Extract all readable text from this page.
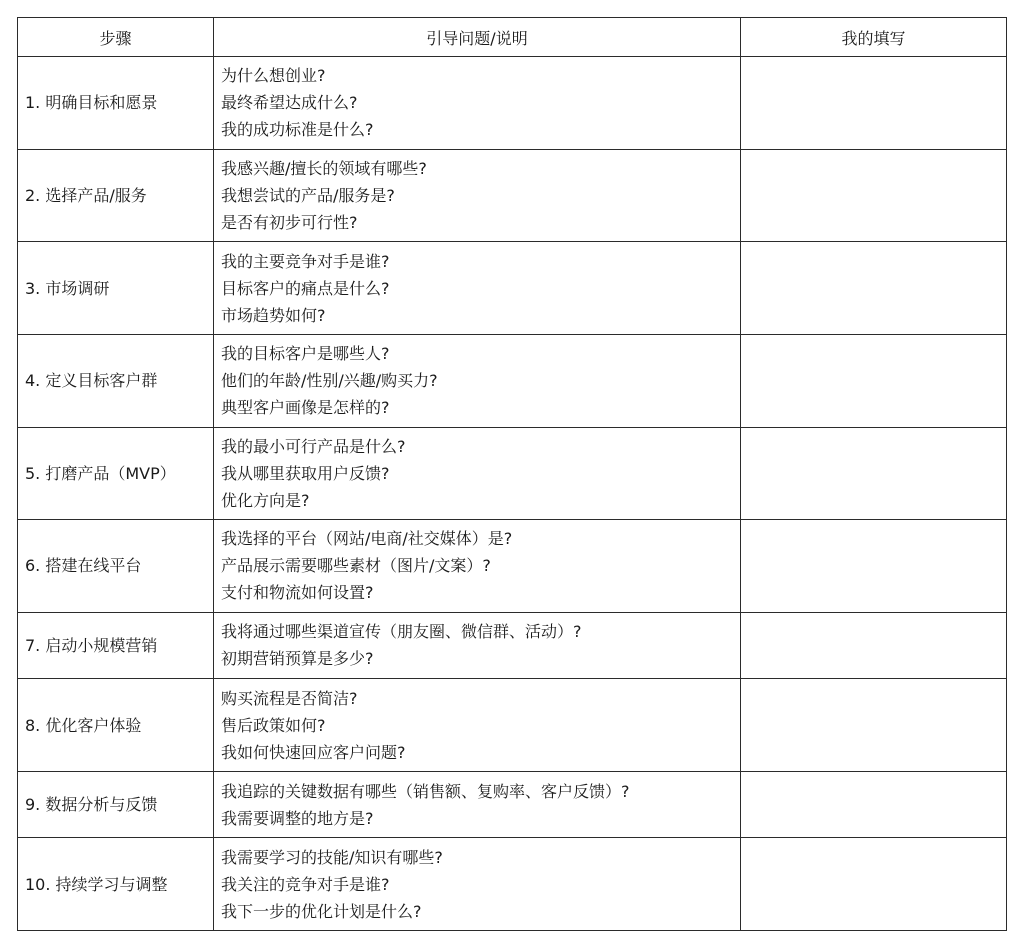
步骤	引导问题/说明	我的填写
1. 明确目标和愿景	为什么想创业?
最终希望达成什么?
我的成功标准是什么?	

2. 选择产品/服务	我感兴趣/擅长的领域有哪些?
我想尝试的产品/服务是?
是否有初步可行性?	

3. 市场调研	我的主要竞争对手是谁?
目标客户的痛点是什么?
市场趋势如何?	

4. 定义目标客户群	我的目标客户是哪些人?
他们的年龄/性别/兴趣/购买力?
典型客户画像是怎样的?	

5. 打磨产品（MVP）	我的最小可行产品是什么?
我从哪里获取用户反馈?
优化方向是?	

6. 搭建在线平台	我选择的平台（网站/电商/社交媒体）是?
产品展示需要哪些素材（图片/文案）?
支付和物流如何设置?	

7. 启动小规模营销	我将通过哪些渠道宣传（朋友圈、微信群、活动）?
初期营销预算是多少?	

8. 优化客户体验	购买流程是否简洁?
售后政策如何?
我如何快速回应客户问题?	

9. 数据分析与反馈	我追踪的关键数据有哪些（销售额、复购率、客户反馈）?
我需要调整的地方是?	

10. 持续学习与调整	我需要学习的技能/知识有哪些?
我关注的竞争对手是谁?
我下一步的优化计划是什么?	
